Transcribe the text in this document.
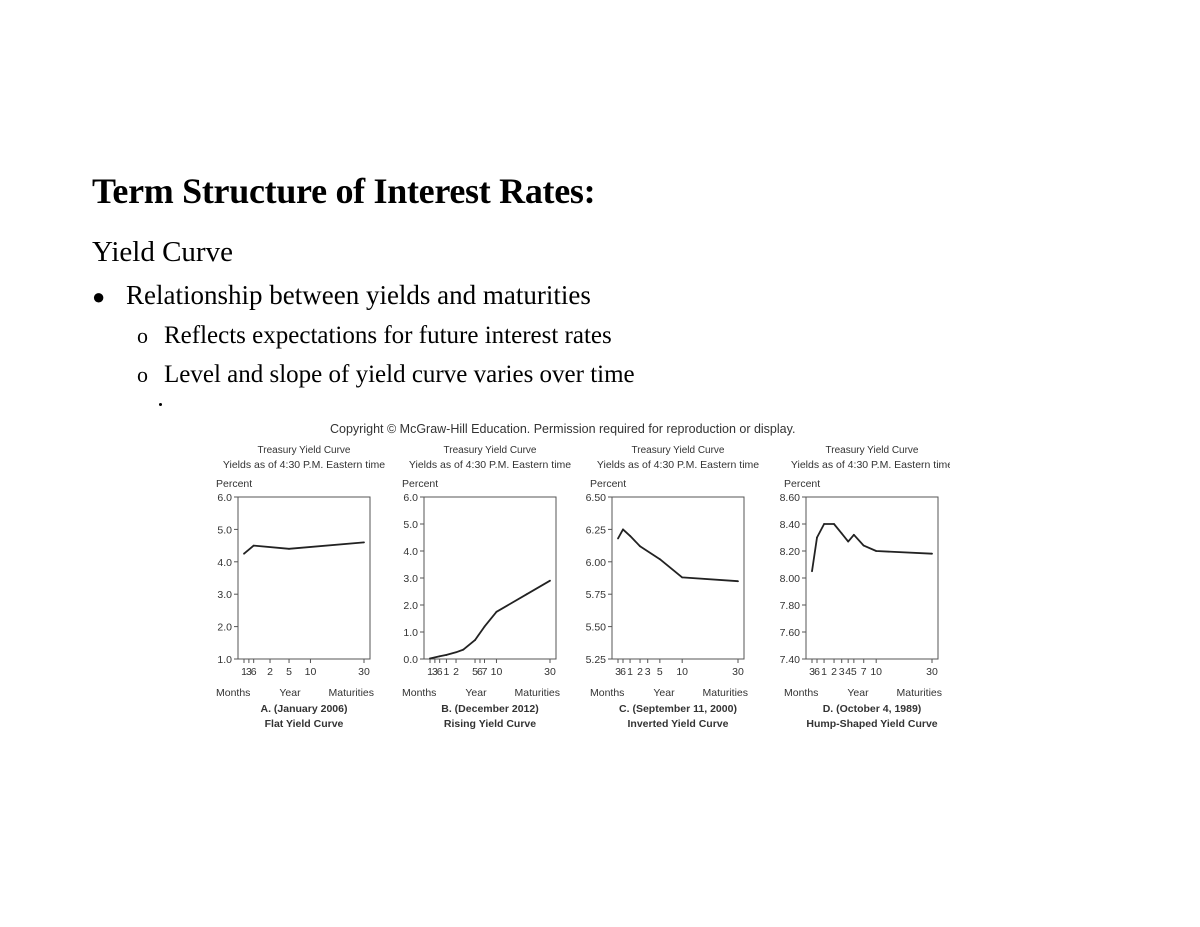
Term Structure of Interest Rates:
Yield Curve
● Relationship between yields and maturities
o Reflects expectations for future interest rates
o Level and slope of yield curve varies over time
Copyright © McGraw-Hill Education. Permission required for reproduction or display.
Treasury Yield Curve
Yields as of 4:30 P.M. Eastern time
Percent
6.0
5.0
4.0
3.0
2.0
1.0
1 3
6 2 5 10	30
Months	Year	Maturities
A. (January 2006)
Flat Yield Curve
Treasury Yield Curve
Yields as of 4:30 P.M. Eastern time
Percent
6.0
5.0
4.0
3.0
2.0
1.0
0.0
1 3
6 1 2 5 6
7 10	30
Months	Year	Maturities
B. (December 2012)
Rising Yield Curve
Treasury Yield Curve
Yields as of 4:30 P.M. Eastern time
Percent
6.50
6.25
6.00
5.75
5.50
5.25
3 6 1 2 3 5 10	30
Months	Year	Maturities
C. (September 11, 2000)
Inverted Yield Curve
Treasury Yield Curve
Yields as of 4:30 P.M. Eastern time
Percent
8.60
8.40
8.20
8.00
7.80
7.60
7.40
3 6 1 2 3 4 5 7 10	30
Months	Year	Maturities
D. (October 4, 1989)
Hump-Shaped Yield Curve
